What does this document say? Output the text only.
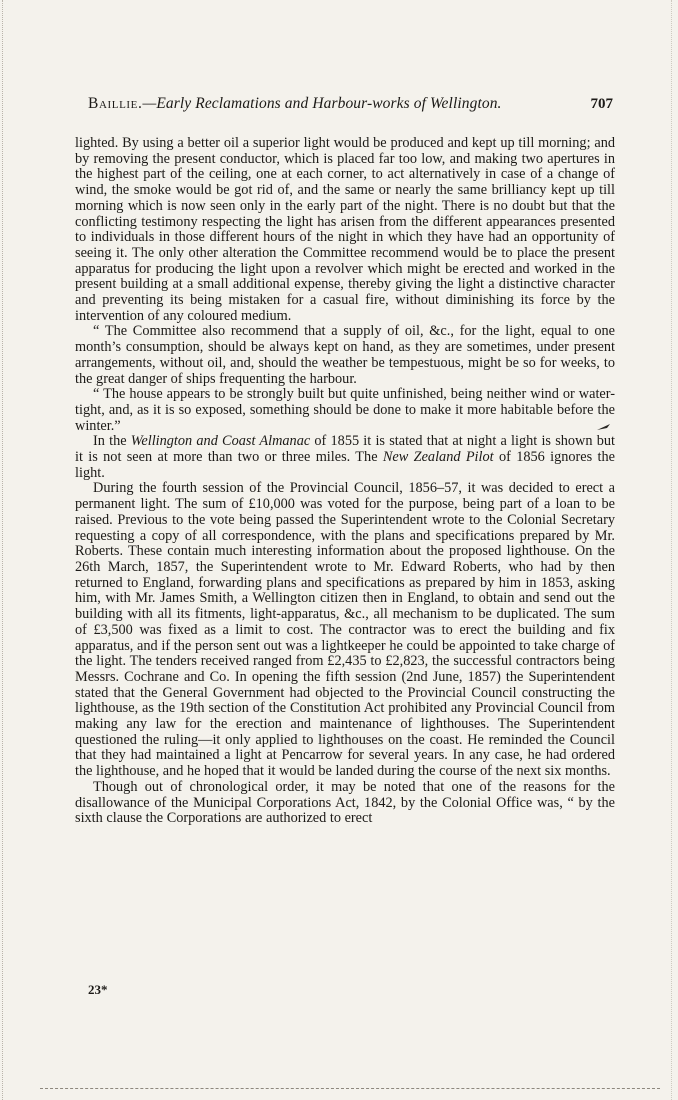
Baillie.—Early Reclamations and Harbour-works of Wellington.	707

lighted. By using a better oil a superior light would be produced and kept up till morning; and by removing the present conductor, which is placed far too low, and making two apertures in the highest part of the ceiling, one at each corner, to act alternatively in case of a change of wind, the smoke would be got rid of, and the same or nearly the same brilliancy kept up till morning which is now seen only in the early part of the night. There is no doubt but that the conflicting testimony respecting the light has arisen from the different appearances presented to individuals in those different hours of the night in which they have had an opportunity of seeing it. The only other alteration the Committee recommend would be to place the present apparatus for producing the light upon a revolver which might be erected and worked in the present building at a small additional expense, thereby giving the light a distinctive character and preventing its being mistaken for a casual fire, without diminishing its force by the intervention of any coloured medium.

“ The Committee also recommend that a supply of oil, &c., for the light, equal to one month’s consumption, should be always kept on hand, as they are sometimes, under present arrangements, without oil, and, should the weather be tempestuous, might be so for weeks, to the great danger of ships frequenting the harbour.

“ The house appears to be strongly built but quite unfinished, being neither wind or water-tight, and, as it is so exposed, something should be done to make it more habitable before the winter.”

In the Wellington and Coast Almanac of 1855 it is stated that at night a light is shown but it is not seen at more than two or three miles. The New Zealand Pilot of 1856 ignores the light.

During the fourth session of the Provincial Council, 1856–57, it was decided to erect a permanent light. The sum of £10,000 was voted for the purpose, being part of a loan to be raised. Previous to the vote being passed the Superintendent wrote to the Colonial Secretary requesting a copy of all correspondence, with the plans and specifications prepared by Mr. Roberts. These contain much interesting information about the proposed lighthouse. On the 26th March, 1857, the Superintendent wrote to Mr. Edward Roberts, who had by then returned to England, forwarding plans and specifications as prepared by him in 1853, asking him, with Mr. James Smith, a Wellington citizen then in England, to obtain and send out the building with all its fitments, light-apparatus, &c., all mechanism to be duplicated. The sum of £3,500 was fixed as a limit to cost. The contractor was to erect the building and fix apparatus, and if the person sent out was a lightkeeper he could be appointed to take charge of the light. The tenders received ranged from £2,435 to £2,823, the successful contractors being Messrs. Cochrane and Co. In opening the fifth session (2nd June, 1857) the Superintendent stated that the General Government had objected to the Provincial Council constructing the lighthouse, as the 19th section of the Constitution Act prohibited any Provincial Council from making any law for the erection and maintenance of lighthouses. The Superintendent questioned the ruling—it only applied to lighthouses on the coast. He reminded the Council that they had maintained a light at Pencarrow for several years. In any case, he had ordered the lighthouse, and he hoped that it would be landed during the course of the next six months.

Though out of chronological order, it may be noted that one of the reasons for the disallowance of the Municipal Corporations Act, 1842, by the Colonial Office was, “ by the sixth clause the Corporations are authorized to erect

23*
